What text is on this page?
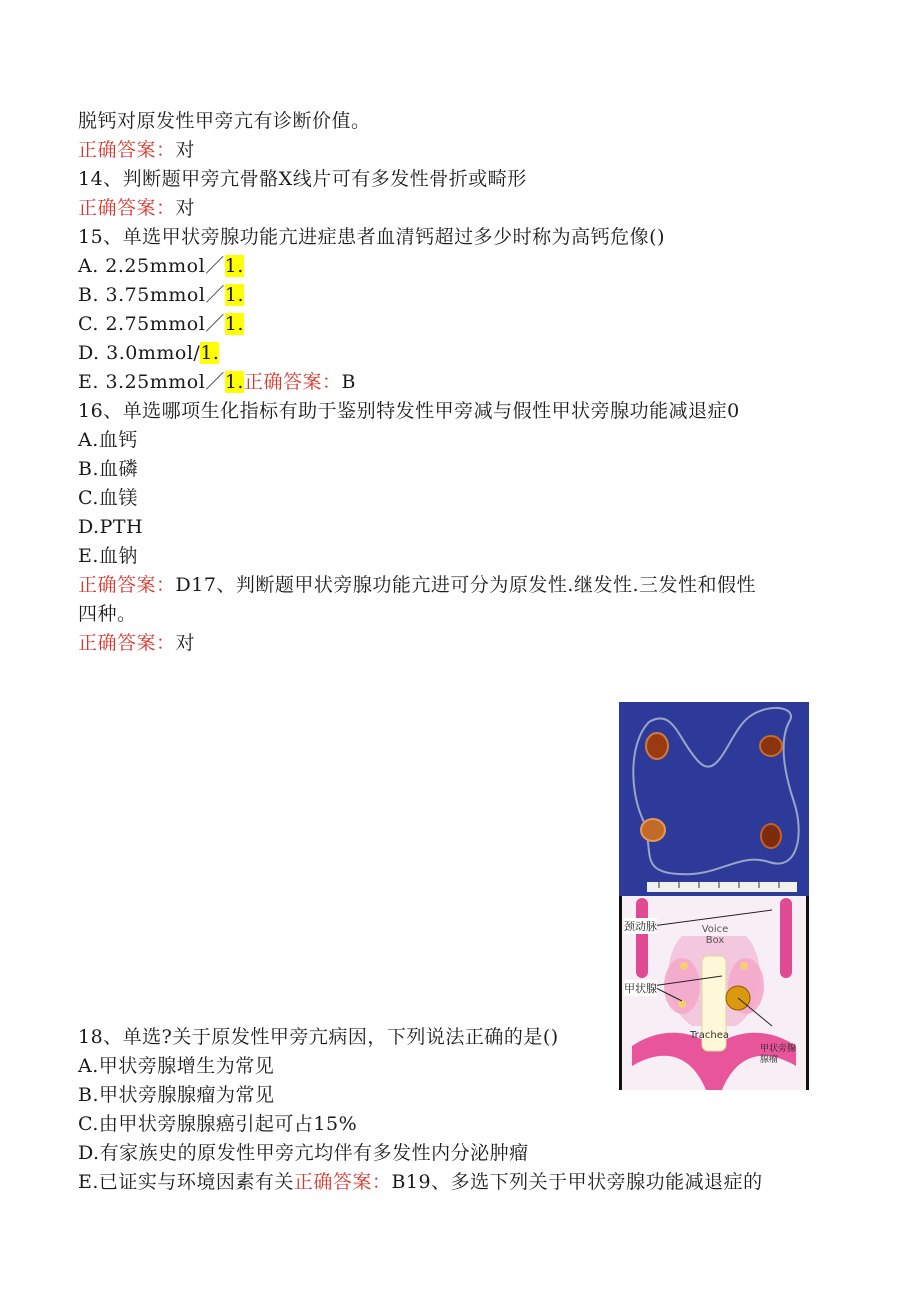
脱钙对原发性甲旁亢有诊断价值。
正确答案：对
14、判断题甲旁亢骨骼X线片可有多发性骨折或畸形
正确答案：对
15、单选甲状旁腺功能亢进症患者血清钙超过多少时称为高钙危像()
A. 2.25mmol／1.
B. 3.75mmol／1.
C. 2.75mmol／1.
D. 3.0mmol/1.
E. 3.25mmol／1.正确答案：B
16、单选哪项生化指标有助于鉴别特发性甲旁减与假性甲状旁腺功能减退症0
A.血钙
B.血磷
C.血镁
D.PTH
E.血钠
正确答案：D17、判断题甲状旁腺功能亢进可分为原发性.继发性.三发性和假性
四种。
正确答案：对
颈动脉	Voice Box
甲状腺
Trachea
甲状旁腺腺瘤
18、单选?关于原发性甲旁亢病因，下列说法正确的是()
A.甲状旁腺增生为常见
B.甲状旁腺腺瘤为常见
C.由甲状旁腺腺癌引起可占15%
D.有家族史的原发性甲旁亢均伴有多发性内分泌肿瘤
E.已证实与环境因素有关正确答案：B19、多选下列关于甲状旁腺功能减退症的
